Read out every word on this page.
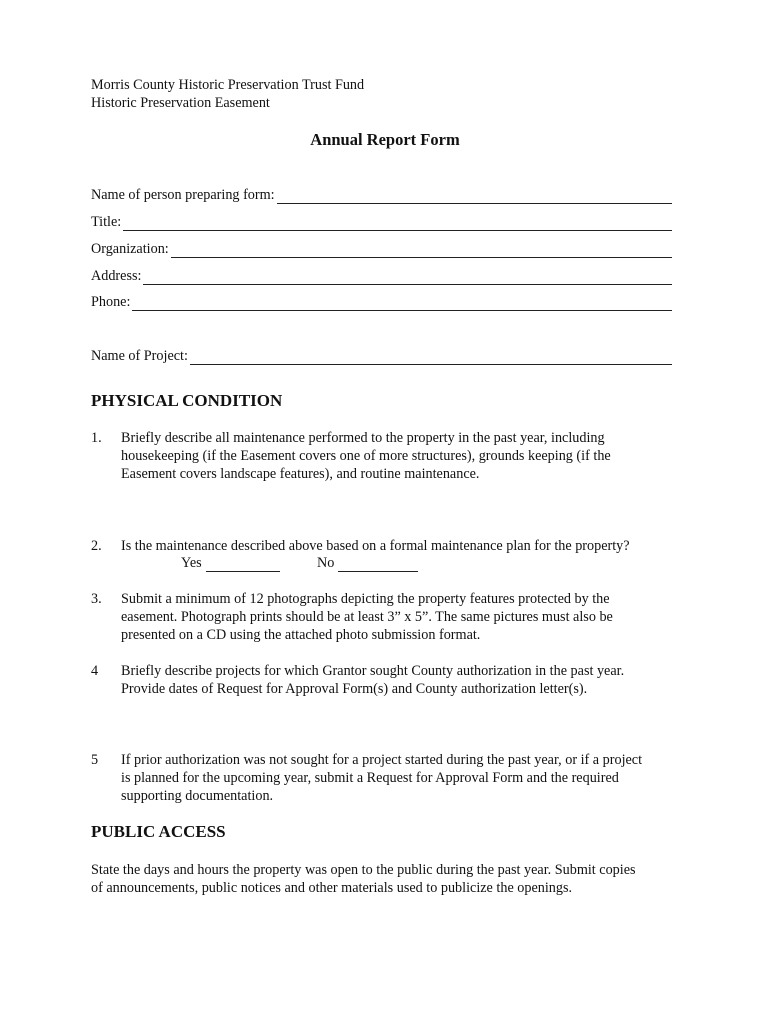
Morris County Historic Preservation Trust Fund
Historic Preservation Easement
Annual Report Form
Name of person preparing form:
Title:
Organization:
Address:
Phone:
Name of Project:
PHYSICAL CONDITION
1. Briefly describe all maintenance performed to the property in the past year, including
housekeeping (if the Easement covers one of more structures), grounds keeping (if the
Easement covers landscape features), and routine maintenance.
2. Is the maintenance described above based on a formal maintenance plan for the property?
Yes	No
3. Submit a minimum of 12 photographs depicting the property features protected by the
easement. Photograph prints should be at least 3” x 5”. The same pictures must also be
presented on a CD using the attached photo submission format.
4 Briefly describe projects for which Grantor sought County authorization in the past year.
Provide dates of Request for Approval Form(s) and County authorization letter(s).
5 If prior authorization was not sought for a project started during the past year, or if a project
is planned for the upcoming year, submit a Request for Approval Form and the required
supporting documentation.
PUBLIC ACCESS
State the days and hours the property was open to the public during the past year. Submit copies
of announcements, public notices and other materials used to publicize the openings.
